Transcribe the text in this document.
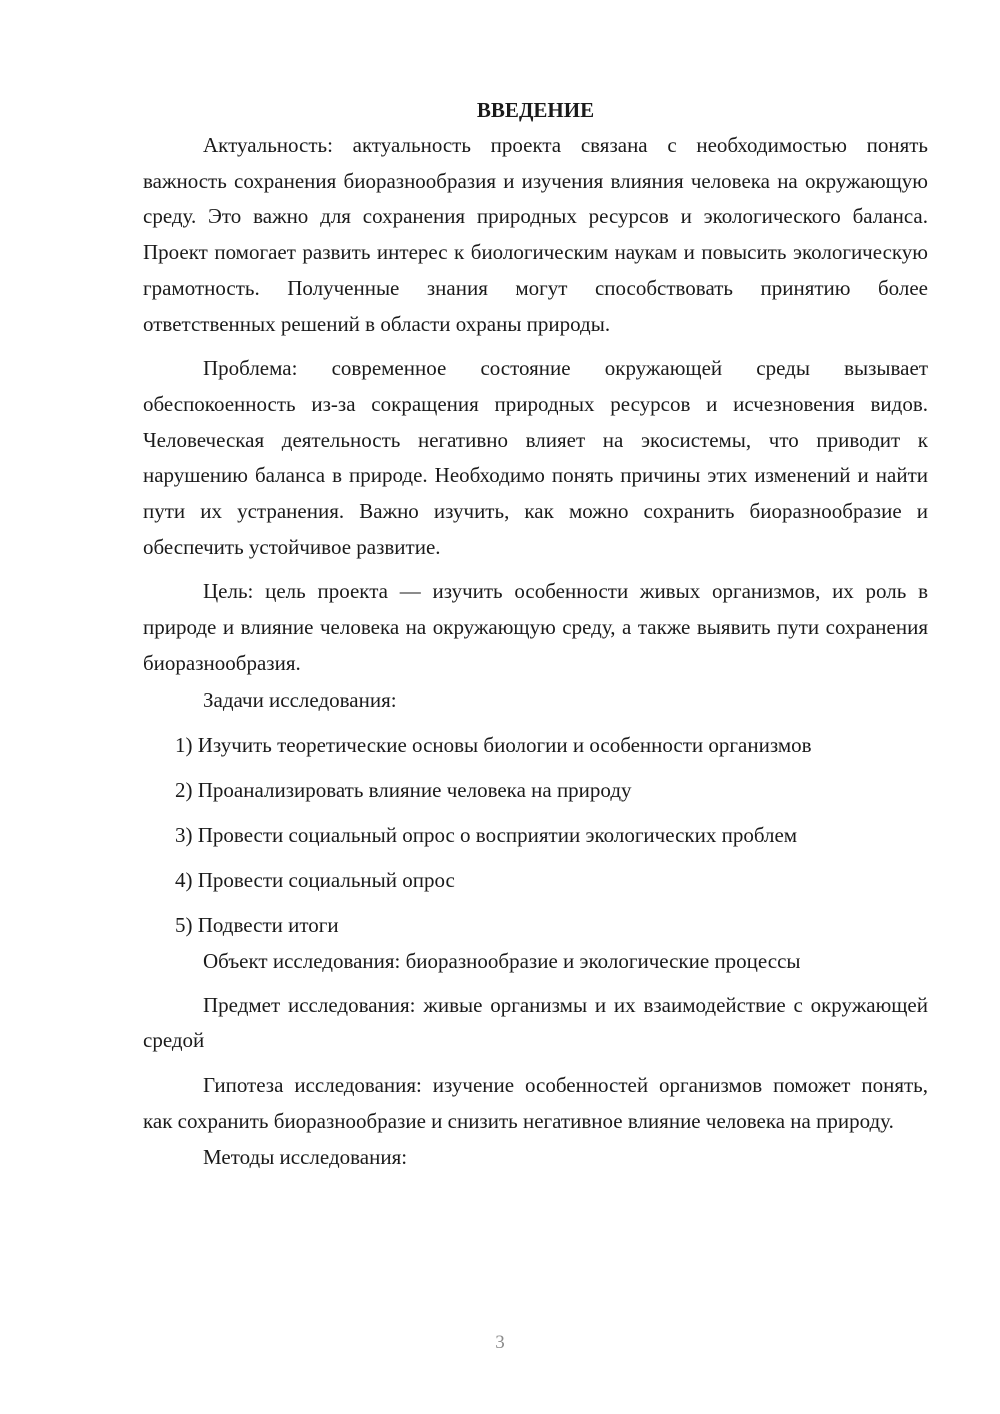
ВВЕДЕНИЕ

Актуальность: актуальность проекта связана с необходимостью понять важность сохранения биоразнообразия и изучения влияния человека на окружающую среду. Это важно для сохранения природных ресурсов и экологического баланса. Проект помогает развить интерес к биологическим наукам и повысить экологическую грамотность. Полученные знания могут способствовать принятию более ответственных решений в области охраны природы.

Проблема: современное состояние окружающей среды вызывает обеспокоенность из-за сокращения природных ресурсов и исчезновения видов. Человеческая деятельность негативно влияет на экосистемы, что приводит к нарушению баланса в природе. Необходимо понять причины этих изменений и найти пути их устранения. Важно изучить, как можно сохранить биоразнообразие и обеспечить устойчивое развитие.

Цель: цель проекта — изучить особенности живых организмов, их роль в природе и влияние человека на окружающую среду, а также выявить пути сохранения биоразнообразия.

Задачи исследования:

1) Изучить теоретические основы биологии и особенности организмов
2) Проанализировать влияние человека на природу
3) Провести социальный опрос о восприятии экологических проблем
4) Провести социальный опрос
5) Подвести итоги

Объект исследования: биоразнообразие и экологические процессы

Предмет исследования: живые организмы и их взаимодействие с окружающей средой

Гипотеза исследования: изучение особенностей организмов поможет понять, как сохранить биоразнообразие и снизить негативное влияние человека на природу.

Методы исследования:

3
